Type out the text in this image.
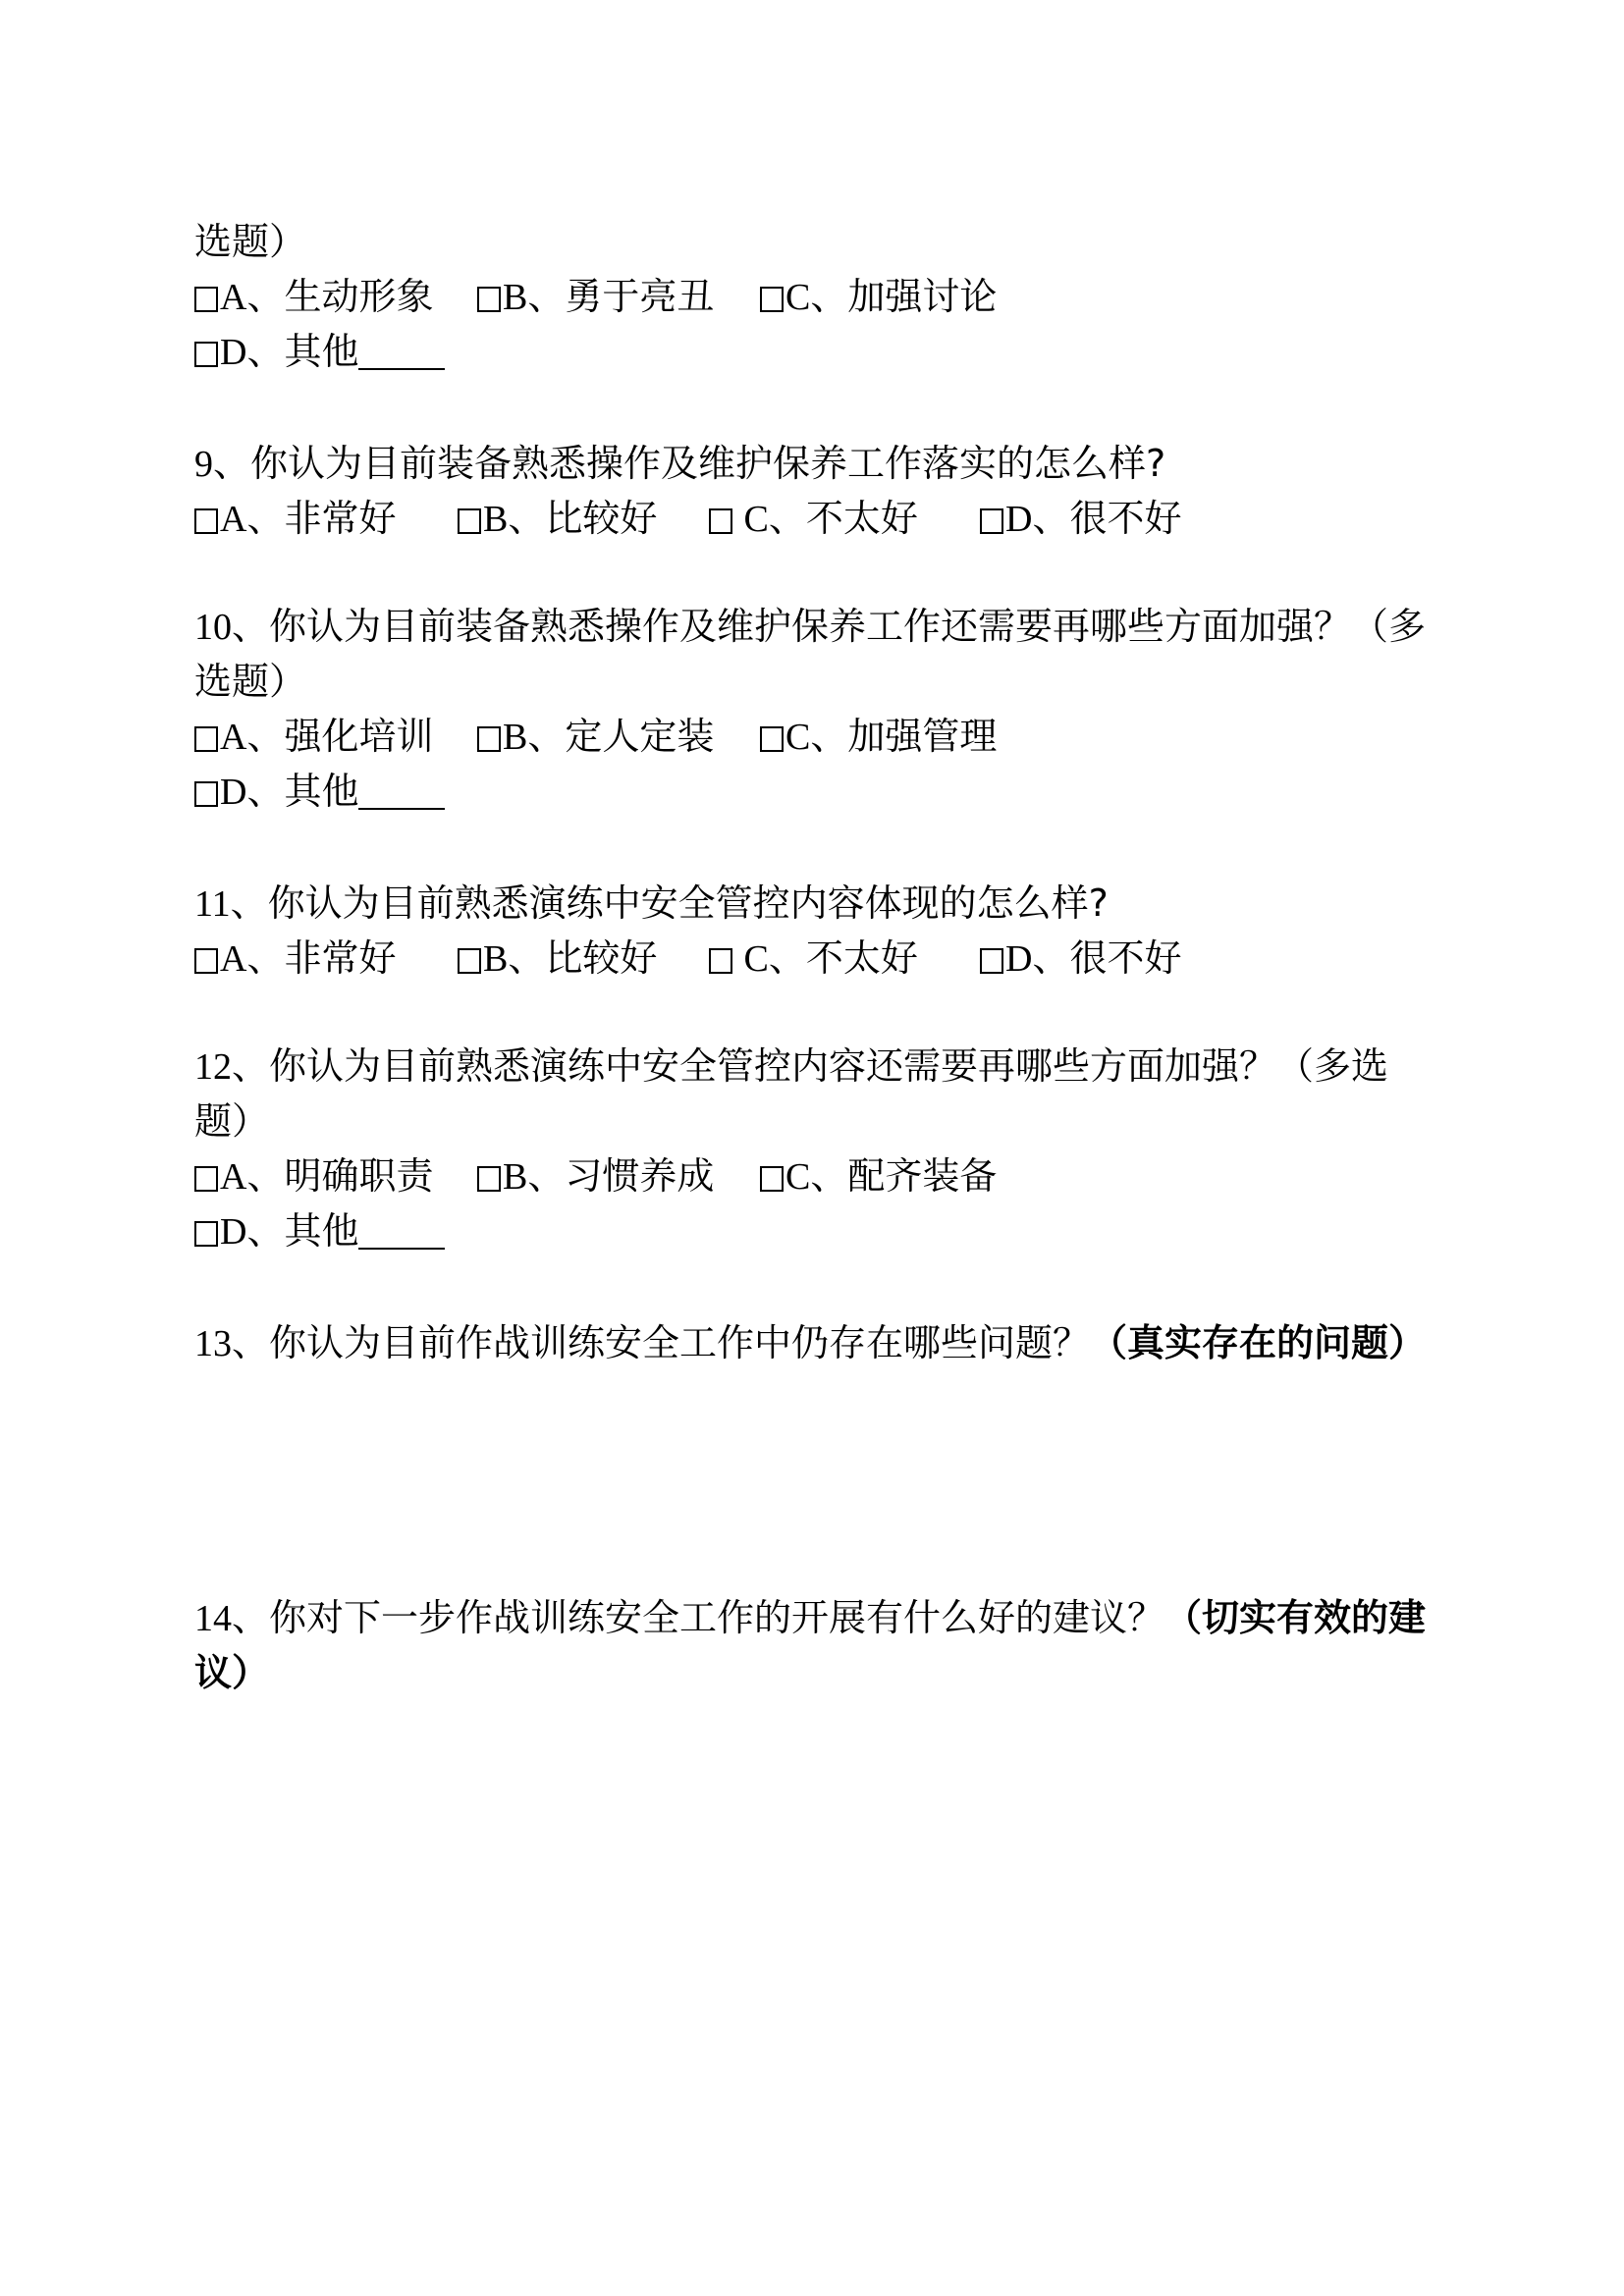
选题）
A、生动形象	B、勇于亮丑	C、加强讨论
D、其他
9、你认为目前装备熟悉操作及维护保养工作落实的怎么样?
A、非常好	B、比较好	C、不太好	D、很不好
10、你认为目前装备熟悉操作及维护保养工作还需要再哪些方面加强？（多
选题）
A、强化培训	B、定人定装	C、加强管理
D、其他
11、你认为目前熟悉演练中安全管控内容体现的怎么样?
A、非常好	B、比较好	C、不太好	D、很不好
12、你认为目前熟悉演练中安全管控内容还需要再哪些方面加强？（多选
题）
A、明确职责	B、习惯养成	C、配齐装备
D、其他
13、你认为目前作战训练安全工作中仍存在哪些问题？（真实存在的问题）
14、你对下一步作战训练安全工作的开展有什么好的建议？（切实有效的建
议）
